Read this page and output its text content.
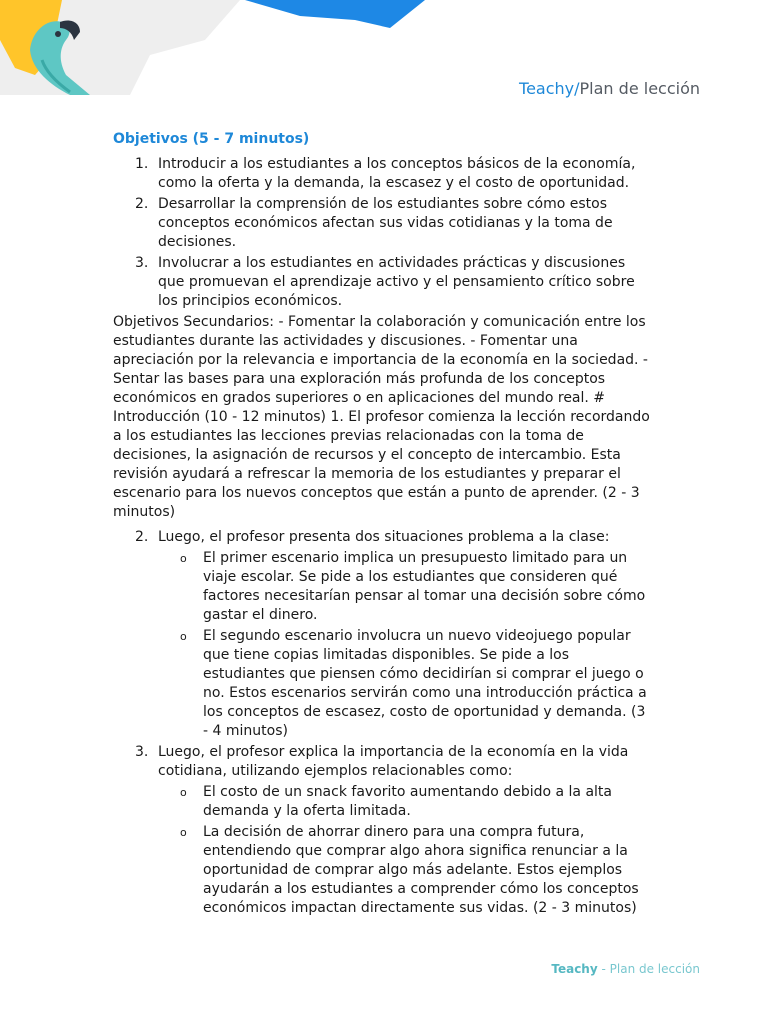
Teachy/Plan de lección
Objetivos (5 - 7 minutos)
1. Introducir a los estudiantes a los conceptos básicos de la economía, como la oferta y la demanda, la escasez y el costo de oportunidad.
2. Desarrollar la comprensión de los estudiantes sobre cómo estos conceptos económicos afectan sus vidas cotidianas y la toma de decisiones.
3. Involucrar a los estudiantes en actividades prácticas y discusiones que promuevan el aprendizaje activo y el pensamiento crítico sobre los principios económicos.

Objetivos Secundarios: - Fomentar la colaboración y comunicación entre los estudiantes durante las actividades y discusiones. - Fomentar una apreciación por la relevancia e importancia de la economía en la sociedad. - Sentar las bases para una exploración más profunda de los conceptos económicos en grados superiores o en aplicaciones del mundo real. # Introducción (10 - 12 minutos) 1. El profesor comienza la lección recordando a los estudiantes las lecciones previas relacionadas con la toma de decisiones, la asignación de recursos y el concepto de intercambio. Esta revisión ayudará a refrescar la memoria de los estudiantes y preparar el escenario para los nuevos conceptos que están a punto de aprender. (2 - 3 minutos)

2. Luego, el profesor presenta dos situaciones problema a la clase:
o El primer escenario implica un presupuesto limitado para un viaje escolar. Se pide a los estudiantes que consideren qué factores necesitarían pensar al tomar una decisión sobre cómo gastar el dinero.
o El segundo escenario involucra un nuevo videojuego popular que tiene copias limitadas disponibles. Se pide a los estudiantes que piensen cómo decidirían si comprar el juego o no. Estos escenarios servirán como una introducción práctica a los conceptos de escasez, costo de oportunidad y demanda. (3 - 4 minutos)
3. Luego, el profesor explica la importancia de la economía en la vida cotidiana, utilizando ejemplos relacionables como:
o El costo de un snack favorito aumentando debido a la alta demanda y la oferta limitada.
o La decisión de ahorrar dinero para una compra futura, entendiendo que comprar algo ahora significa renunciar a la oportunidad de comprar algo más adelante. Estos ejemplos ayudarán a los estudiantes a comprender cómo los conceptos económicos impactan directamente sus vidas. (2 - 3 minutos)
Teachy - Plan de lección
